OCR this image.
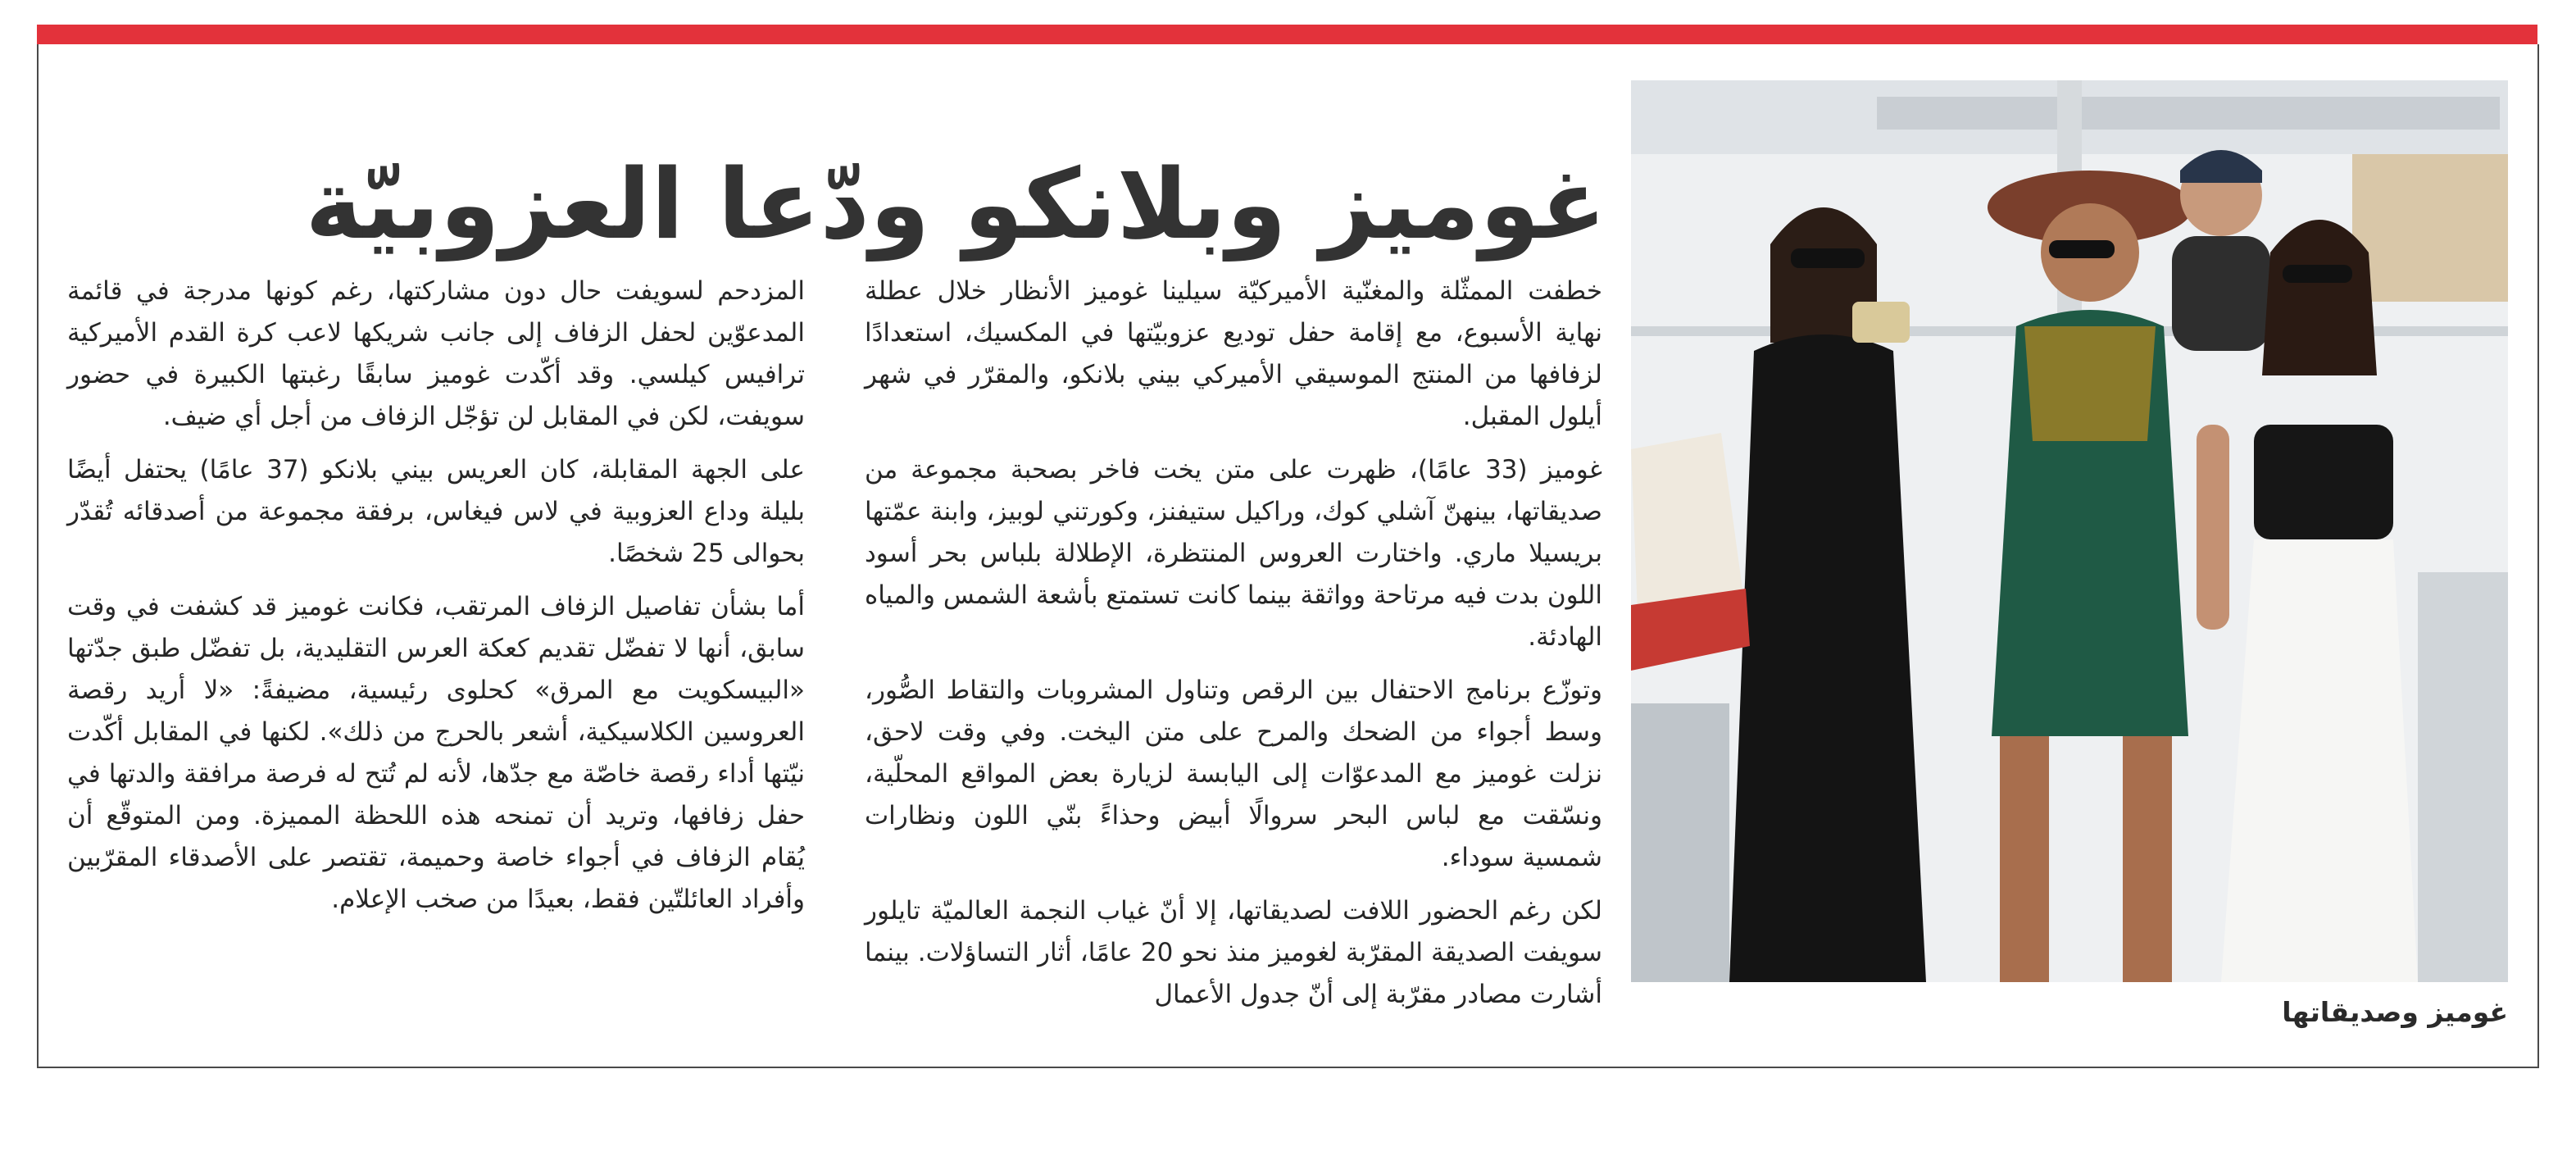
غوميز وبلانكو ودّعا العزوبيّة
غوميز وصديقاتها

خطفت الممثّلة والمغنّية الأميركيّة سيلينا غوميز الأنظار خلال عطلة نهاية الأسبوع، مع إقامة حفل توديع عزوبيّتها في المكسيك، استعدادًا لزفافها من المنتج الموسيقي الأميركي بيني بلانكو، والمقرّر في شهر أيلول المقبل.

غوميز (33 عامًا)، ظهرت على متن يخت فاخر بصحبة مجموعة من صديقاتها، بينهنّ آشلي كوك، وراكيل ستيفنز، وكورتني لوبيز، وابنة عمّتها بريسيلا ماري. واختارت العروس المنتظرة، الإطلالة بلباس بحر أسود اللون بدت فيه مرتاحة وواثقة بينما كانت تستمتع بأشعة الشمس والمياه الهادئة.

وتوزّع برنامج الاحتفال بين الرقص وتناول المشروبات والتقاط الصُّور، وسط أجواء من الضحك والمرح على متن اليخت. وفي وقت لاحق، نزلت غوميز مع المدعوّات إلى اليابسة لزيارة بعض المواقع المحلّية، ونسّقت مع لباس البحر سروالًا أبيض وحذاءً بنّي اللون ونظارات شمسية سوداء.

لكن رغم الحضور اللافت لصديقاتها، إلا أنّ غياب النجمة العالميّة تايلور سويفت الصديقة المقرّبة لغوميز منذ نحو 20 عامًا، أثار التساؤلات. بينما أشارت مصادر مقرّبة إلى أنّ جدول الأعمال

المزدحم لسويفت حال دون مشاركتها، رغم كونها مدرجة في قائمة المدعوّين لحفل الزفاف إلى جانب شريكها لاعب كرة القدم الأميركية ترافيس كيلسي. وقد أكّدت غوميز سابقًا رغبتها الكبيرة في حضور سويفت، لكن في المقابل لن تؤجّل الزفاف من أجل أي ضيف.

على الجهة المقابلة، كان العريس بيني بلانكو (37 عامًا) يحتفل أيضًا بليلة وداع العزوبية في لاس فيغاس، برفقة مجموعة من أصدقائه تُقدّر بحوالى 25 شخصًا.

أما بشأن تفاصيل الزفاف المرتقب، فكانت غوميز قد كشفت في وقت سابق، أنها لا تفضّل تقديم كعكة العرس التقليدية، بل تفضّل طبق جدّتها «البيسكويت مع المرق» كحلوى رئيسية، مضيفةً: «لا أريد رقصة العروسين الكلاسيكية، أشعر بالحرج من ذلك». لكنها في المقابل أكّدت نيّتها أداء رقصة خاصّة مع جدّها، لأنه لم تُتح له فرصة مرافقة والدتها في حفل زفافها، وتريد أن تمنحه هذه اللحظة المميزة. ومن المتوقّع أن يُقام الزفاف في أجواء خاصة وحميمة، تقتصر على الأصدقاء المقرّبين وأفراد العائلتّين فقط، بعيدًا من صخب الإعلام.
